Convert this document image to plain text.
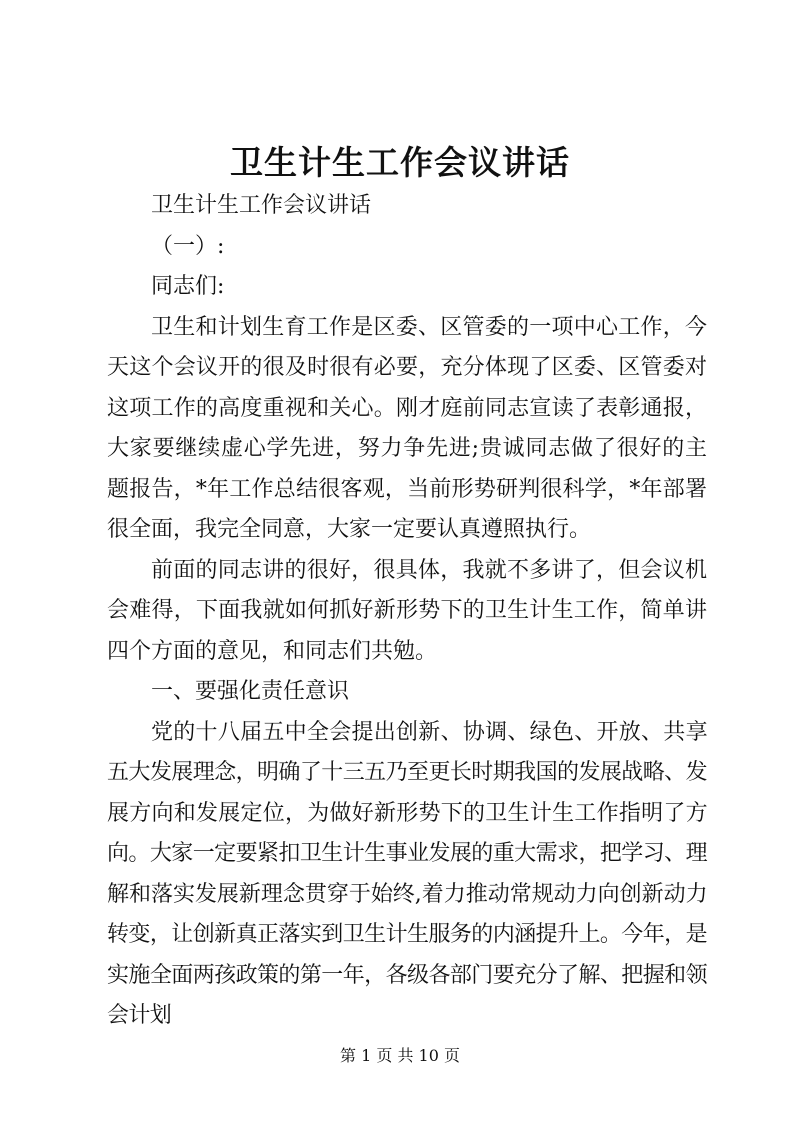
卫生计生工作会议讲话

卫生计生工作会议讲话

（一）:

同志们:

卫生和计划生育工作是区委、区管委的一项中心工作，今天这个会议开的很及时很有必要，充分体现了区委、区管委对这项工作的高度重视和关心。刚才庭前同志宣读了表彰通报，大家要继续虚心学先进，努力争先进;贵诚同志做了很好的主题报告，*年工作总结很客观，当前形势研判很科学，*年部署很全面，我完全同意，大家一定要认真遵照执行。

前面的同志讲的很好，很具体，我就不多讲了，但会议机会难得，下面我就如何抓好新形势下的卫生计生工作，简单讲四个方面的意见，和同志们共勉。

一、要强化责任意识

党的十八届五中全会提出创新、协调、绿色、开放、共享五大发展理念，明确了十三五乃至更长时期我国的发展战略、发展方向和发展定位，为做好新形势下的卫生计生工作指明了方向。大家一定要紧扣卫生计生事业发展的重大需求，把学习、理解和落实发展新理念贯穿于始终,着力推动常规动力向创新动力转变，让创新真正落实到卫生计生服务的内涵提升上。今年，是实施全面两孩政策的第一年，各级各部门要充分了解、把握和领会计划

第 1 页 共 10 页
